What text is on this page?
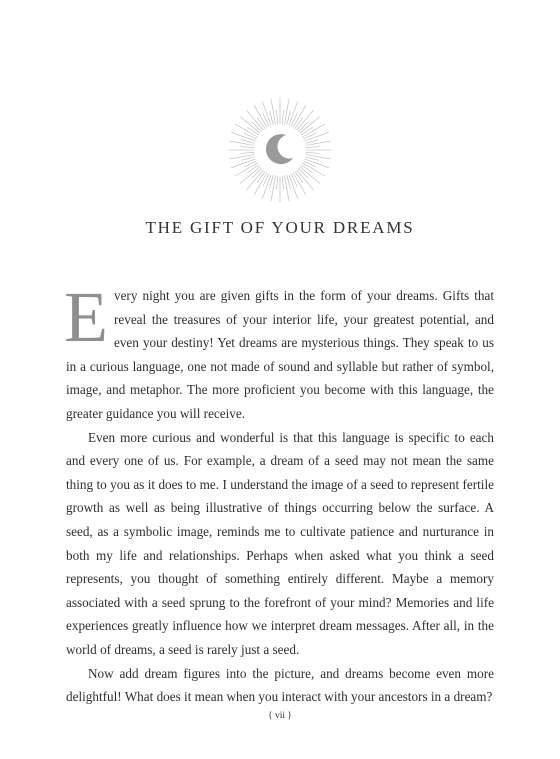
THE GIFT OF YOUR DREAMS

Every night you are given gifts in the form of your dreams. Gifts that reveal the treasures of your interior life, your greatest potential, and even your destiny! Yet dreams are mysterious things. They speak to us in a curious language, one not made of sound and syllable but rather of symbol, image, and metaphor. The more proficient you become with this language, the greater guidance you will receive.

Even more curious and wonderful is that this language is specific to each and every one of us. For example, a dream of a seed may not mean the same thing to you as it does to me. I understand the image of a seed to represent fertile growth as well as being illustrative of things occurring below the surface. A seed, as a symbolic image, reminds me to cultivate patience and nurturance in both my life and relationships. Perhaps when asked what you think a seed represents, you thought of something entirely different. Maybe a memory associated with a seed sprung to the forefront of your mind? Memories and life experiences greatly influence how we interpret dream messages. After all, in the world of dreams, a seed is rarely just a seed.

Now add dream figures into the picture, and dreams become even more delightful! What does it mean when you interact with your ancestors in a dream?

{ vii }
